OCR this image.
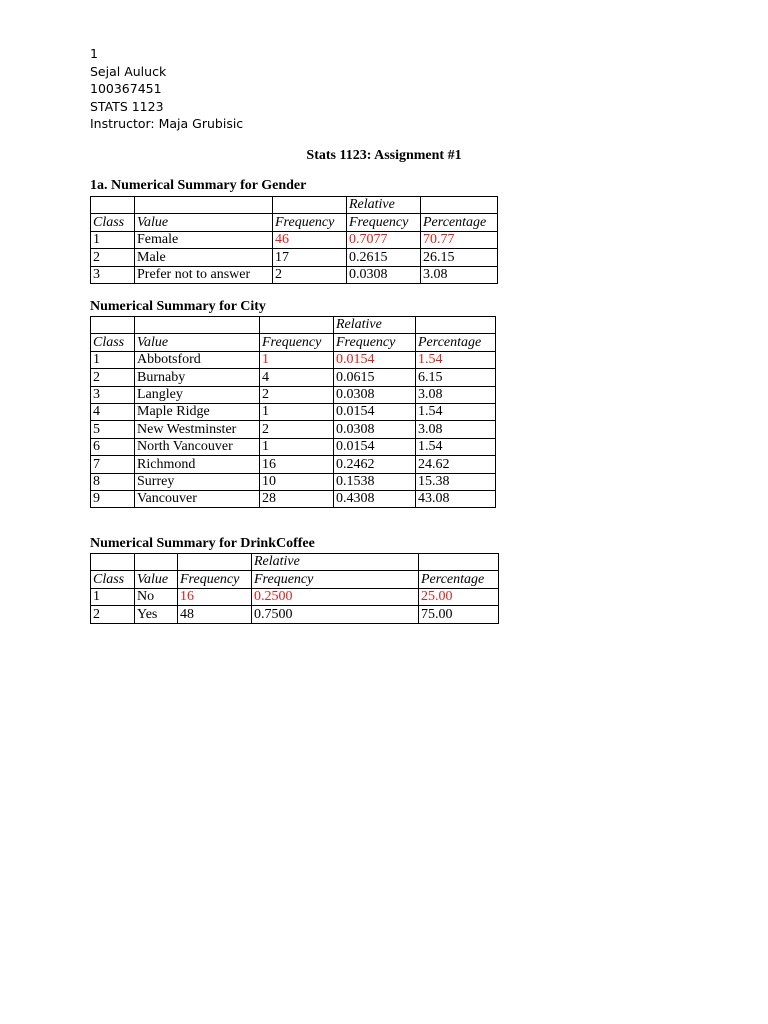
1
Sejal Auluck
100367451
STATS 1123
Instructor: Maja Grubisic
Stats 1123: Assignment #1
1a. Numerical Summary for Gender
			Relative	
Class	Value	Frequency	Frequency	Percentage
1	Female	46	0.7077	70.77
2	Male	17	0.2615	26.15
3	Prefer not to answer	2	0.0308	3.08
Numerical Summary for City
			Relative	
Class	Value	Frequency	Frequency	Percentage
1	Abbotsford	1	0.0154	1.54
2	Burnaby	4	0.0615	6.15
3	Langley	2	0.0308	3.08
4	Maple Ridge	1	0.0154	1.54
5	New Westminster	2	0.0308	3.08
6	North Vancouver	1	0.0154	1.54
7	Richmond	16	0.2462	24.62
8	Surrey	10	0.1538	15.38
9	Vancouver	28	0.4308	43.08
Numerical Summary for DrinkCoffee
			Relative	
Class	Value	Frequency	Frequency	Percentage
1	No	16	0.2500	25.00
2	Yes	48	0.7500	75.00
